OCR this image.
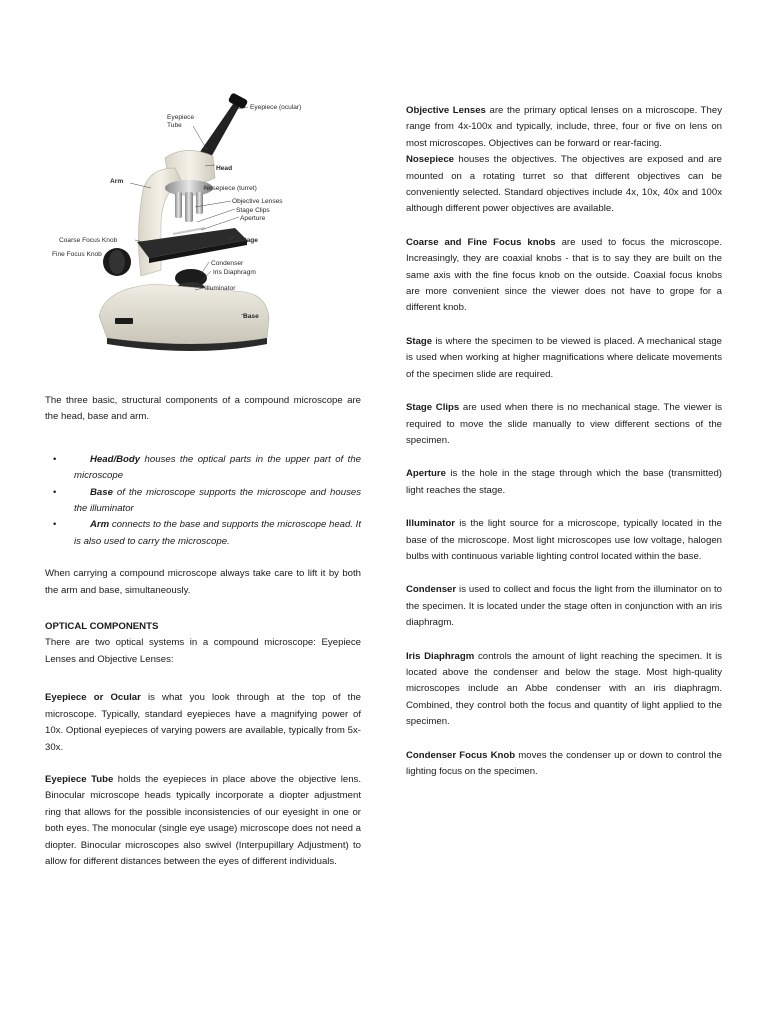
Eyepiece (ocular)
Eyepiece
Tube
Head
Arm
Nosepiece (turret)
Objective Lenses
Stage Clips
Aperture
Coarse Focus Knob	Stage
Fine Focus Knob
Condenser
Iris Diaphragm
Illuminator
Base

The three basic, structural components of a compound microscope are the head, base and arm.

•	Head/Body houses the optical parts in the upper part of the microscope
•	Base of the microscope supports the microscope and houses the illuminator
•	Arm connects to the base and supports the microscope head. It is also used to carry the microscope.

When carrying a compound microscope always take care to lift it by both the arm and base, simultaneously.

OPTICAL COMPONENTS

There are two optical systems in a compound microscope: Eyepiece Lenses and Objective Lenses:

Eyepiece or Ocular is what you look through at the top of the microscope. Typically, standard eyepieces have a magnifying power of 10x. Optional eyepieces of varying powers are available, typically from 5x-30x.

Eyepiece Tube holds the eyepieces in place above the objective lens. Binocular microscope heads typically incorporate a diopter adjustment ring that allows for the possible inconsistencies of our eyesight in one or both eyes. The monocular (single eye usage) microscope does not need a diopter. Binocular microscopes also swivel (Interpupillary Adjustment) to allow for different distances between the eyes of different individuals.

Objective Lenses are the primary optical lenses on a microscope. They range from 4x-100x and typically, include, three, four or five on lens on most microscopes. Objectives can be forward or rear-facing.

Nosepiece houses the objectives. The objectives are exposed and are mounted on a rotating turret so that different objectives can be conveniently selected. Standard objectives include 4x, 10x, 40x and 100x although different power objectives are available.

Coarse and Fine Focus knobs are used to focus the microscope. Increasingly, they are coaxial knobs - that is to say they are built on the same axis with the fine focus knob on the outside. Coaxial focus knobs are more convenient since the viewer does not have to grope for a different knob.

Stage is where the specimen to be viewed is placed. A mechanical stage is used when working at higher magnifications where delicate movements of the specimen slide are required.

Stage Clips are used when there is no mechanical stage. The viewer is required to move the slide manually to view different sections of the specimen.

Aperture is the hole in the stage through which the base (transmitted) light reaches the stage.

Illuminator is the light source for a microscope, typically located in the base of the microscope. Most light microscopes use low voltage, halogen bulbs with continuous variable lighting control located within the base.

Condenser is used to collect and focus the light from the illuminator on to the specimen. It is located under the stage often in conjunction with an iris diaphragm.

Iris Diaphragm controls the amount of light reaching the specimen. It is located above the condenser and below the stage. Most high-quality microscopes include an Abbe condenser with an iris diaphragm. Combined, they control both the focus and quantity of light applied to the specimen.

Condenser Focus Knob moves the condenser up or down to control the lighting focus on the specimen.
